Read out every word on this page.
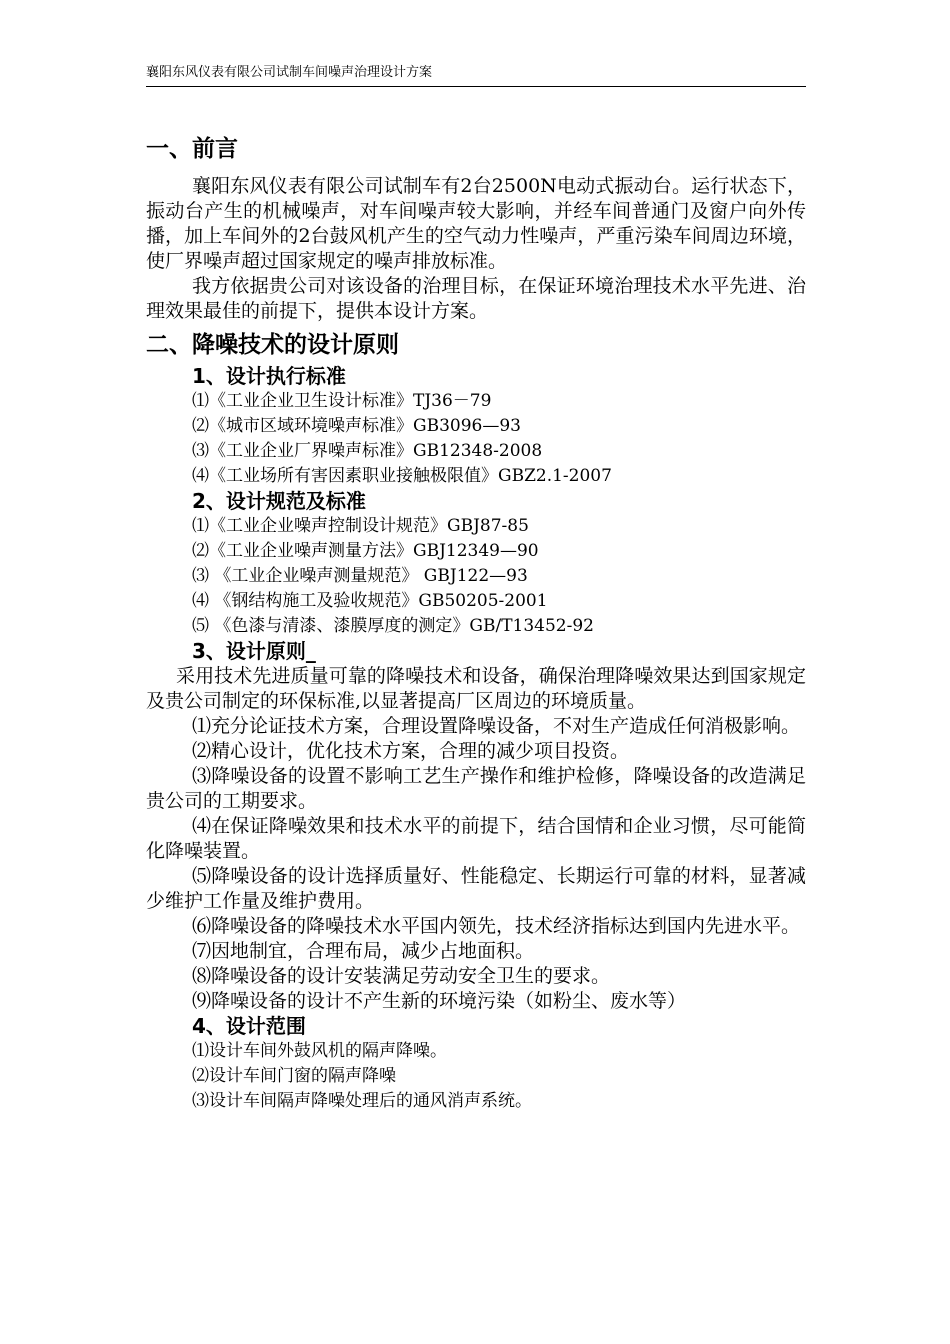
襄阳东风仪表有限公司试制车间噪声治理设计方案
一、前言

襄阳东风仪表有限公司试制车有2台2500N电动式振动台。运行状态下，振动台产生的机械噪声，对车间噪声较大影响，并经车间普通门及窗户向外传播，加上车间外的2台鼓风机产生的空气动力性噪声，严重污染车间周边环境，使厂界噪声超过国家规定的噪声排放标准。

我方依据贵公司对该设备的治理目标，在保证环境治理技术水平先进、治理效果最佳的前提下，提供本设计方案。

二、降噪技术的设计原则
1、设计执行标准
⑴《工业企业卫生设计标准》TJ36－79
⑵《城市区域环境噪声标准》GB3096—93
⑶《工业企业厂界噪声标准》GB12348-2008
⑷《工业场所有害因素职业接触极限值》GBZ2.1-2007
2、设计规范及标准
⑴《工业企业噪声控制设计规范》GBJ87-85
⑵《工业企业噪声测量方法》GBJ12349—90
⑶ 《工业企业噪声测量规范》 GBJ122—93
⑷ 《钢结构施工及验收规范》GB50205-2001
⑸ 《色漆与清漆、漆膜厚度的测定》GB/T13452-92
3、设计原则_

采用技术先进质量可靠的降噪技术和设备，确保治理降噪效果达到国家规定及贵公司制定的环保标准,以显著提高厂区周边的环境质量。

⑴充分论证技术方案，合理设置降噪设备，不对生产造成任何消极影响。

⑵精心设计，优化技术方案，合理的减少项目投资。

⑶降噪设备的设置不影响工艺生产操作和维护检修，降噪设备的改造满足贵公司的工期要求。

⑷在保证降噪效果和技术水平的前提下，结合国情和企业习惯，尽可能简化降噪装置。

⑸降噪设备的设计选择质量好、性能稳定、长期运行可靠的材料，显著减少维护工作量及维护费用。

⑹降噪设备的降噪技术水平国内领先，技术经济指标达到国内先进水平。

⑺因地制宜，合理布局，减少占地面积。

⑻降噪设备的设计安装满足劳动安全卫生的要求。

⑼降噪设备的设计不产生新的环境污染（如粉尘、废水等）

4、设计范围
⑴设计车间外鼓风机的隔声降噪。
⑵设计车间门窗的隔声降噪
⑶设计车间隔声降噪处理后的通风消声系统。
